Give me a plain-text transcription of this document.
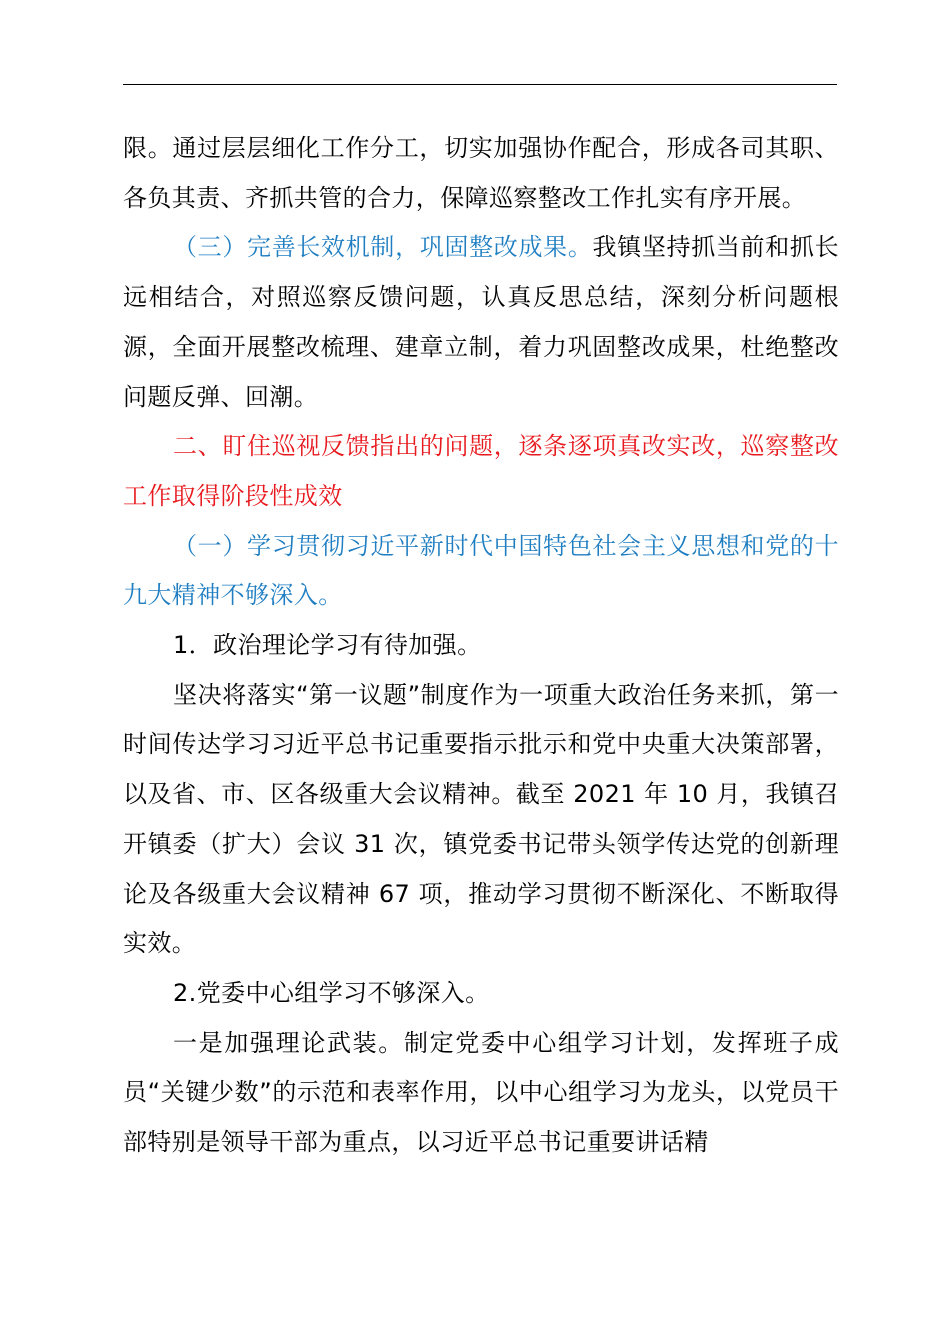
限。通过层层细化工作分工，切实加强协作配合，形成各司其职、各负其责、齐抓共管的合力，保障巡察整改工作扎实有序开展。

（三）完善长效机制，巩固整改成果。我镇坚持抓当前和抓长远相结合，对照巡察反馈问题，认真反思总结，深刻分析问题根源，全面开展整改梳理、建章立制，着力巩固整改成果，杜绝整改问题反弹、回潮。

二、盯住巡视反馈指出的问题，逐条逐项真改实改，巡察整改工作取得阶段性成效

（一）学习贯彻习近平新时代中国特色社会主义思想和党的十九大精神不够深入。

1．政治理论学习有待加强。

坚决将落实“第一议题”制度作为一项重大政治任务来抓，第一时间传达学习习近平总书记重要指示批示和党中央重大决策部署，以及省、市、区各级重大会议精神。截至 2021 年 10 月，我镇召开镇委（扩大）会议 31 次，镇党委书记带头领学传达党的创新理论及各级重大会议精神 67 项，推动学习贯彻不断深化、不断取得实效。

2.党委中心组学习不够深入。

一是加强理论武装。制定党委中心组学习计划，发挥班子成员“关键少数”的示范和表率作用，以中心组学习为龙头，以党员干部特别是领导干部为重点，以习近平总书记重要讲话精
